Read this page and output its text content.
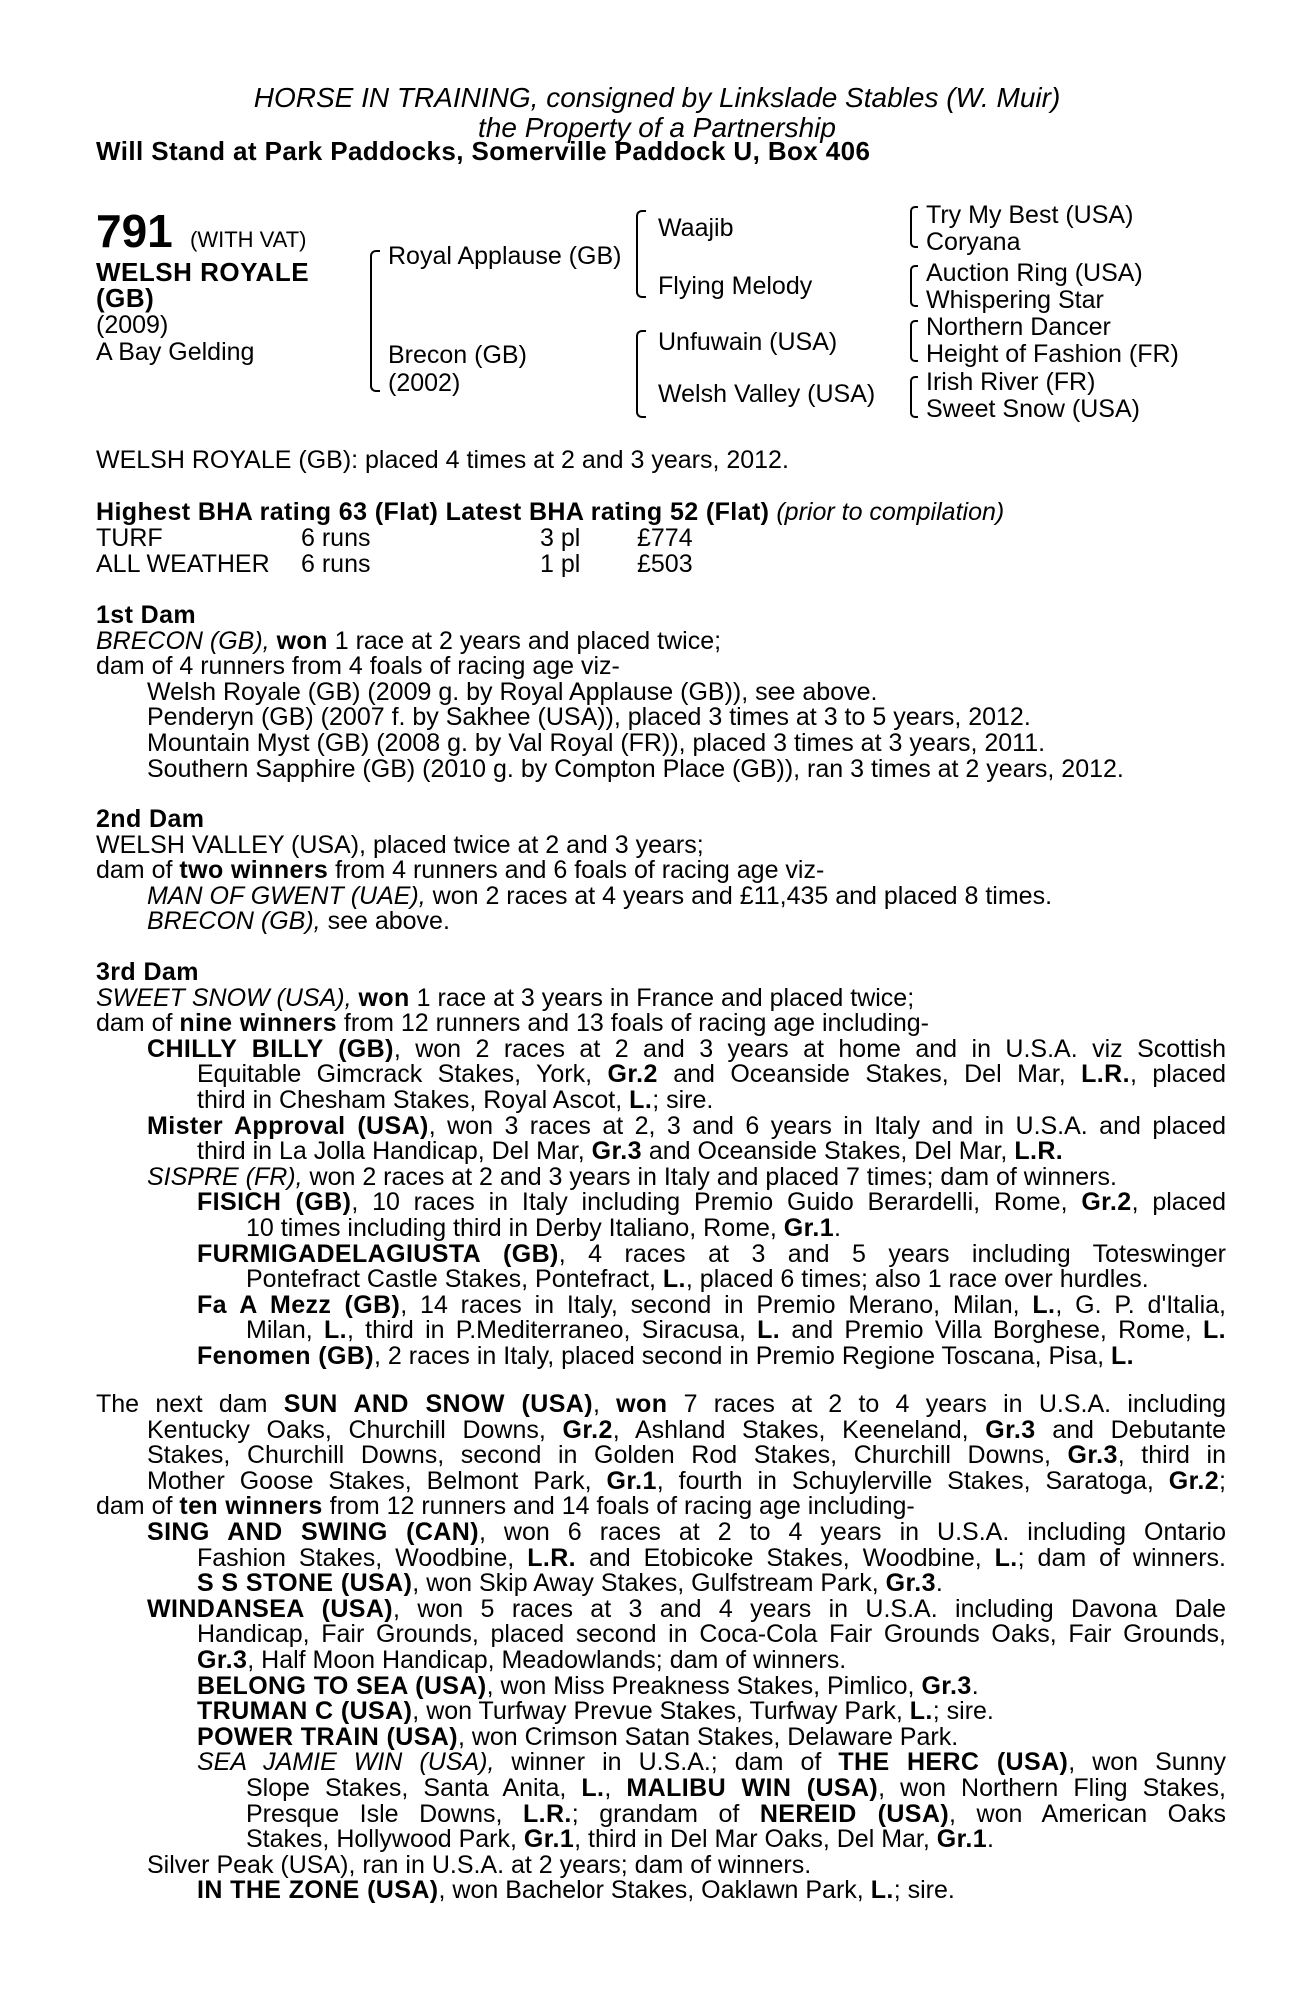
HORSE IN TRAINING, consigned by Linkslade Stables (W. Muir)
the Property of a Partnership
Will Stand at Park Paddocks, Somerville Paddock U, Box 406
791 (WITH VAT)
WELSH ROYALE
(GB)
(2009)
A Bay Gelding
Royal Applause (GB)
Brecon (GB)
(2002)
Waajib
Flying Melody
Unfuwain (USA)
Welsh Valley (USA)
Try My Best (USA)
Coryana
Auction Ring (USA)
Whispering Star
Northern Dancer
Height of Fashion (FR)
Irish River (FR)
Sweet Snow (USA)
WELSH ROYALE (GB): placed 4 times at 2 and 3 years, 2012.
Highest BHA rating 63 (Flat) Latest BHA rating 52 (Flat) (prior to compilation)
TURF	6 runs	3 pl £774
ALL WEATHER 6 runs	1 pl £503
1st Dam
BRECON (GB), won 1 race at 2 years and placed twice;
dam of 4 runners from 4 foals of racing age viz-
Welsh Royale (GB) (2009 g. by Royal Applause (GB)), see above.
Penderyn (GB) (2007 f. by Sakhee (USA)), placed 3 times at 3 to 5 years, 2012.
Mountain Myst (GB) (2008 g. by Val Royal (FR)), placed 3 times at 3 years, 2011.
Southern Sapphire (GB) (2010 g. by Compton Place (GB)), ran 3 times at 2 years, 2012.
2nd Dam
WELSH VALLEY (USA), placed twice at 2 and 3 years;
dam of two winners from 4 runners and 6 foals of racing age viz-
MAN OF GWENT (UAE), won 2 races at 4 years and £11,435 and placed 8 times.
BRECON (GB), see above.
3rd Dam
SWEET SNOW (USA), won 1 race at 3 years in France and placed twice;
dam of nine winners from 12 runners and 13 foals of racing age including-
CHILLY BILLY (GB), won 2 races at 2 and 3 years at home and in U.S.A. viz Scottish
Equitable Gimcrack Stakes, York, Gr.2 and Oceanside Stakes, Del Mar, L.R., placed
third in Chesham Stakes, Royal Ascot, L.; sire.
Mister Approval (USA), won 3 races at 2, 3 and 6 years in Italy and in U.S.A. and placed
third in La Jolla Handicap, Del Mar, Gr.3 and Oceanside Stakes, Del Mar, L.R.
SISPRE (FR), won 2 races at 2 and 3 years in Italy and placed 7 times; dam of winners.
FISICH (GB), 10 races in Italy including Premio Guido Berardelli, Rome, Gr.2, placed
10 times including third in Derby Italiano, Rome, Gr.1.
FURMIGADELAGIUSTA (GB), 4 races at 3 and 5 years including Toteswinger
Pontefract Castle Stakes, Pontefract, L., placed 6 times; also 1 race over hurdles.
Fa A Mezz (GB), 14 races in Italy, second in Premio Merano, Milan, L., G. P. d'Italia,
Milan, L., third in P.Mediterraneo, Siracusa, L. and Premio Villa Borghese, Rome, L.
Fenomen (GB), 2 races in Italy, placed second in Premio Regione Toscana, Pisa, L.
The next dam SUN AND SNOW (USA), won 7 races at 2 to 4 years in U.S.A. including
Kentucky Oaks, Churchill Downs, Gr.2, Ashland Stakes, Keeneland, Gr.3 and Debutante
Stakes, Churchill Downs, second in Golden Rod Stakes, Churchill Downs, Gr.3, third in
Mother Goose Stakes, Belmont Park, Gr.1, fourth in Schuylerville Stakes, Saratoga, Gr.2;
dam of ten winners from 12 runners and 14 foals of racing age including-
SING AND SWING (CAN), won 6 races at 2 to 4 years in U.S.A. including Ontario
Fashion Stakes, Woodbine, L.R. and Etobicoke Stakes, Woodbine, L.; dam of winners.
S S STONE (USA), won Skip Away Stakes, Gulfstream Park, Gr.3.
WINDANSEA (USA), won 5 races at 3 and 4 years in U.S.A. including Davona Dale
Handicap, Fair Grounds, placed second in Coca-Cola Fair Grounds Oaks, Fair Grounds,
Gr.3, Half Moon Handicap, Meadowlands; dam of winners.
BELONG TO SEA (USA), won Miss Preakness Stakes, Pimlico, Gr.3.
TRUMAN C (USA), won Turfway Prevue Stakes, Turfway Park, L.; sire.
POWER TRAIN (USA), won Crimson Satan Stakes, Delaware Park.
SEA JAMIE WIN (USA), winner in U.S.A.; dam of THE HERC (USA), won Sunny
Slope Stakes, Santa Anita, L., MALIBU WIN (USA), won Northern Fling Stakes,
Presque Isle Downs, L.R.; grandam of NEREID (USA), won American Oaks
Stakes, Hollywood Park, Gr.1, third in Del Mar Oaks, Del Mar, Gr.1.
Silver Peak (USA), ran in U.S.A. at 2 years; dam of winners.
IN THE ZONE (USA), won Bachelor Stakes, Oaklawn Park, L.; sire.
